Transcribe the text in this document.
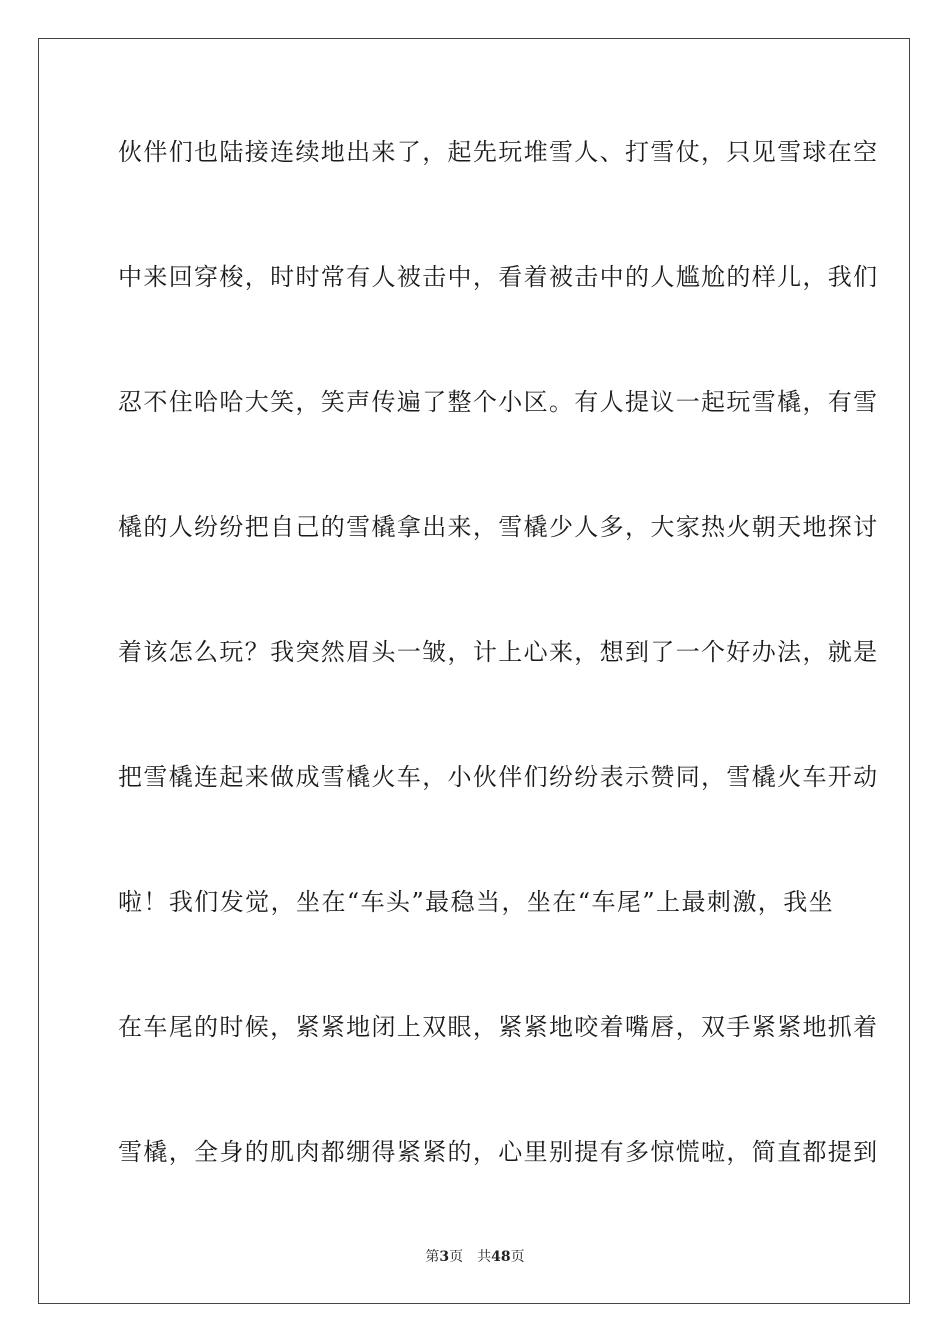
伙伴们也陆接连续地出来了，起先玩堆雪人、打雪仗，只见雪球在空
中来回穿梭，时时常有人被击中，看着被击中的人尴尬的样儿，我们
忍不住哈哈大笑，笑声传遍了整个小区。有人提议一起玩雪橇，有雪
橇的人纷纷把自己的雪橇拿出来，雪橇少人多，大家热火朝天地探讨
着该怎么玩？我突然眉头一皱，计上心来，想到了一个好办法，就是
把雪橇连起来做成雪橇火车，小伙伴们纷纷表示赞同，雪橇火车开动
啦！我们发觉，坐在“车头”最稳当，坐在“车尾”上最刺激，我坐
在车尾的时候，紧紧地闭上双眼，紧紧地咬着嘴唇，双手紧紧地抓着
雪橇，全身的肌肉都绷得紧紧的，心里别提有多惊慌啦，简直都提到
第3页 共48页
